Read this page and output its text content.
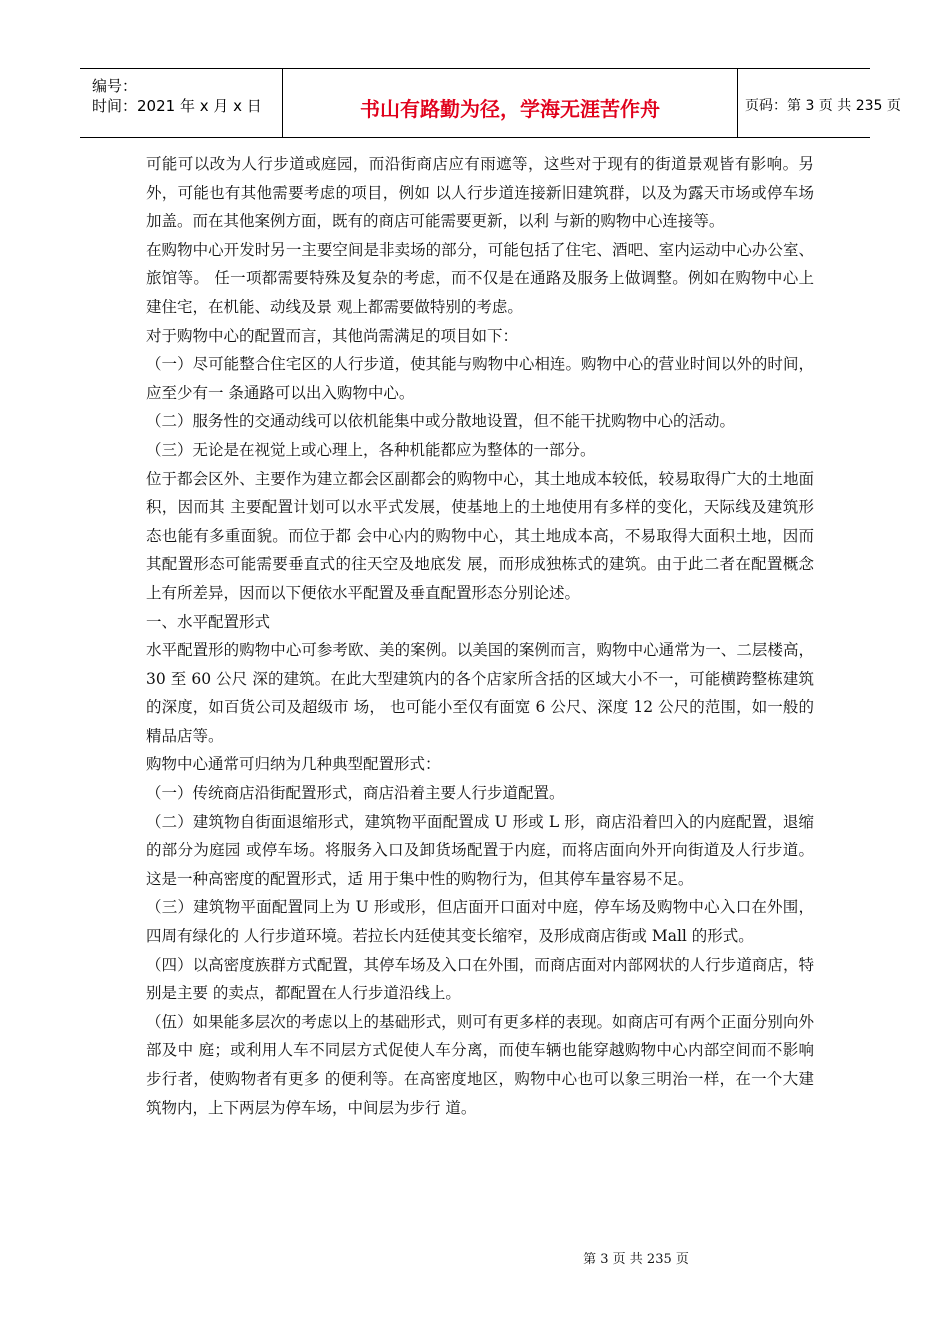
编号：
时间：2021 年 x 月 x 日	书山有路勤为径，学海无涯苦作舟	页码：第 3 页 共 235 页

可能可以改为人行步道或庭园，而沿街商店应有雨遮等，这些对于现有的街道景观皆有影响。另外，可能也有其他需要考虑的项目，例如 以人行步道连接新旧建筑群，以及为露天市场或停车场加盖。而在其他案例方面，既有的商店可能需要更新，以利 与新的购物中心连接等。

在购物中心开发时另一主要空间是非卖场的部分，可能包括了住宅、酒吧、室内运动中心办公室、旅馆等。 任一项都需要特殊及复杂的考虑，而不仅是在通路及服务上做调整。例如在购物中心上建住宅，在机能、动线及景 观上都需要做特别的考虑。

对于购物中心的配置而言，其他尚需满足的项目如下：

（一）尽可能整合住宅区的人行步道，使其能与购物中心相连。购物中心的营业时间以外的时间，应至少有一 条通路可以出入购物中心。

（二）服务性的交通动线可以依机能集中或分散地设置，但不能干扰购物中心的活动。

（三）无论是在视觉上或心理上，各种机能都应为整体的一部分。

位于都会区外、主要作为建立都会区副都会的购物中心，其土地成本较低，较易取得广大的土地面积，因而其 主要配置计划可以水平式发展，使基地上的土地使用有多样的变化，天际线及建筑形态也能有多重面貌。而位于都 会中心内的购物中心，其土地成本高，不易取得大面积土地，因而其配置形态可能需要垂直式的往天空及地底发 展，而形成独栋式的建筑。由于此二者在配置概念上有所差异，因而以下便依水平配置及垂直配置形态分别论述。

一、水平配置形式

水平配置形的购物中心可参考欧、美的案例。以美国的案例而言，购物中心通常为一、二层楼高，30 至 60 公尺 深的建筑。在此大型建筑内的各个店家所含括的区域大小不一，可能横跨整栋建筑的深度，如百货公司及超级市 场， 也可能小至仅有面宽 6 公尺、深度 12 公尺的范围，如一般的精品店等。

购物中心通常可归纳为几种典型配置形式：

（一）传统商店沿街配置形式，商店沿着主要人行步道配置。

（二）建筑物自街面退缩形式，建筑物平面配置成 U 形或 L 形，商店沿着凹入的内庭配置，退缩的部分为庭园 或停车场。将服务入口及卸货场配置于内庭，而将店面向外开向街道及人行步道。这是一种高密度的配置形式，适 用于集中性的购物行为，但其停车量容易不足。

（三）建筑物平面配置同上为 U 形或形，但店面开口面对中庭，停车场及购物中心入口在外围，四周有绿化的 人行步道环境。若拉长内廷使其变长缩窄，及形成商店街或 Mall 的形式。

（四）以高密度族群方式配置，其停车场及入口在外围，而商店面对内部网状的人行步道商店，特别是主要 的卖点，都配置在人行步道沿线上。

（伍）如果能多层次的考虑以上的基础形式，则可有更多样的表现。如商店可有两个正面分别向外部及中 庭；或利用人车不同层方式促使人车分离，而使车辆也能穿越购物中心内部空间而不影响步行者，使购物者有更多 的便利等。在高密度地区，购物中心也可以象三明治一样，在一个大建筑物内，上下两层为停车场，中间层为步行 道。

第 3 页 共 235 页
